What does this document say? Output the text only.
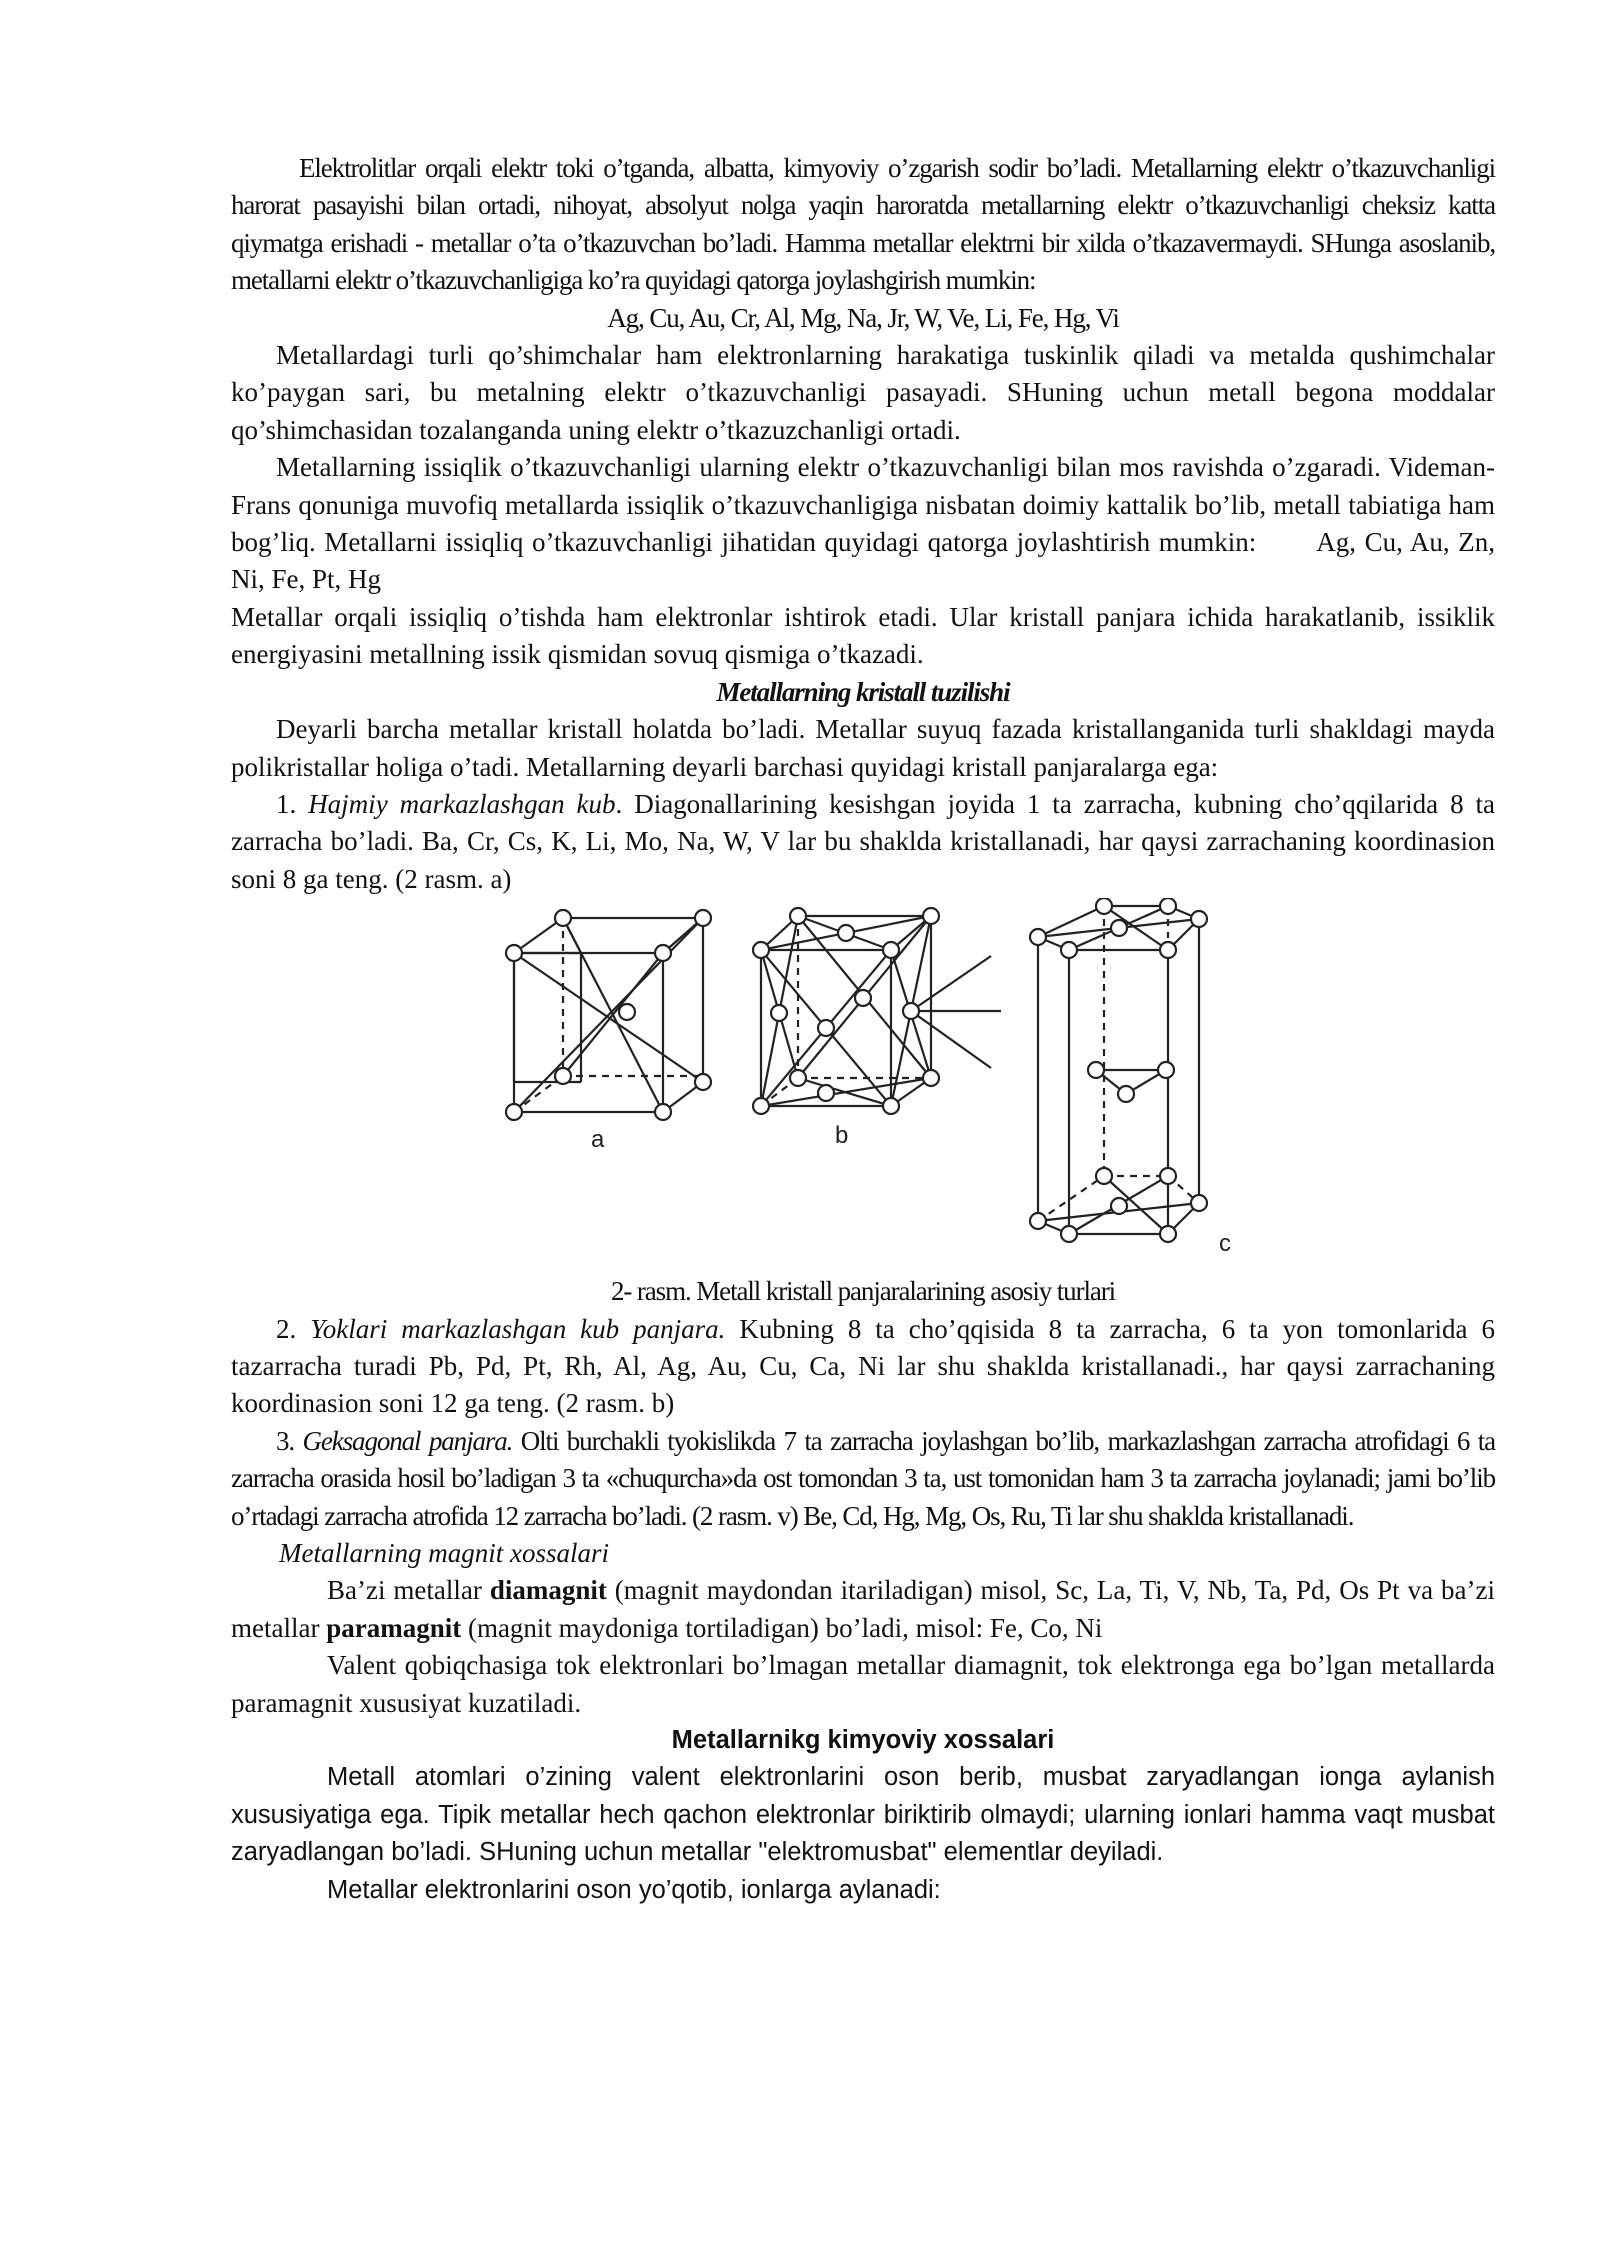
Elektrolitlar orqali elektr toki o’tganda, albatta, kimyoviy o’zgarish sodir bo’ladi. Metallarning elektr o’tkazuvchanligi harorat pasayishi bilan ortadi, nihoyat, absolyut nolga yaqin haroratda metallarning elektr o’tkazuvchanligi cheksiz katta qiymatga erishadi - metallar o’ta o’tkazuvchan bo’ladi. Hamma metallar elektrni bir xilda o’tkazavermaydi. SHunga asoslanib, metallarni elektr o’tkazuvchanligiga ko’ra quyidagi qatorga joylashgirish mumkin:

Ag, Cu, Au, Cr, Al, Mg, Na, Jr, W, Ve, Li, Fe, Hg, Vi

Metallardagi turli qo’shimchalar ham elektronlarning harakatiga tuskinlik qiladi va metalda qushimchalar ko’paygan sari, bu metalning elektr o’tkazuvchanligi pasayadi. SHuning uchun metall begona moddalar qo’shimchasidan tozalanganda uning elektr o’tkazuzchanligi ortadi.

Metallarning issiqlik o’tkazuvchanligi ularning elektr o’tkazuvchanligi bilan mos ravishda o’zgaradi. Videman-Frans qonuniga muvofiq metallarda issiqlik o’tkazuvchanligiga nisbatan doimiy kattalik bo’lib, metall tabiatiga ham bog’liq. Metallarni issiqliq o’tkazuvchanligi jihatidan quyidagi qatorga joylashtirish mumkin: Ag, Cu, Au, Zn, Ni, Fe, Pt, Hg

Metallar orqali issiqliq o’tishda ham elektronlar ishtirok etadi. Ular kristall panjara ichida harakatlanib, issiklik energiyasini metallning issik qismidan sovuq qismiga o’tkazadi.

Metallarning kristall tuzilishi

Deyarli barcha metallar kristall holatda bo’ladi. Metallar suyuq fazada kristallanganida turli shakldagi mayda polikristallar holiga o’tadi. Metallarning deyarli barchasi quyidagi kristall panjaralarga ega:

1. Hajmiy markazlashgan kub. Diagonallarining kesishgan joyida 1 ta zarracha, kubning cho’qqilarida 8 ta zarracha bo’ladi. Ba, Cr, Cs, K, Li, Mo, Na, W, V lar bu shaklda kristallanadi, har qaysi zarrachaning koordinasion soni 8 ga teng. (2 rasm. a)

a	b
c

2- rasm. Metall kristall panjaralarining asosiy turlari

2. Yoklari markazlashgan kub panjara. Kubning 8 ta cho’qqisida 8 ta zarracha, 6 ta yon tomonlarida 6 tazarracha turadi Pb, Pd, Pt, Rh, Al, Ag, Au, Cu, Ca, Ni lar shu shaklda kristallanadi., har qaysi zarrachaning koordinasion soni 12 ga teng. (2 rasm. b)

3. Geksagonal panjara. Olti burchakli tyokislikda 7 ta zarracha joylashgan bo’lib, markazlashgan zarracha atrofidagi 6 ta zarracha orasida hosil bo’ladigan 3 ta «chuqurcha»da ost tomondan 3 ta, ust tomonidan ham 3 ta zarracha joylanadi; jami bo’lib o’rtadagi zarracha atrofida 12 zarracha bo’ladi. (2 rasm. v) Be, Cd, Hg, Mg, Os, Ru, Ti lar shu shaklda kristallanadi.

Metallarning magnit xossalari

Ba’zi metallar diamagnit (magnit maydondan itariladigan) misol, Sc, La, Ti, V, Nb, Ta, Pd, Os Pt va ba’zi metallar paramagnit (magnit maydoniga tortiladigan) bo’ladi, misol: Fe, Co, Ni

Valent qobiqchasiga tok elektronlari bo’lmagan metallar diamagnit, tok elektronga ega bo’lgan metallarda paramagnit xususiyat kuzatiladi.

Metallarnikg kimyoviy xossalari

Metall atomlari o’zining valent elektronlarini oson berib, musbat zaryadlangan ionga aylanish xususiyatiga ega. Tipik metallar hech qachon elektronlar biriktirib olmaydi; ularning ionlari hamma vaqt musbat zaryadlangan bo’ladi. SHuning uchun metallar "elektromusbat" elementlar deyiladi.

Metallar elektronlarini oson yo’qotib, ionlarga aylanadi:
